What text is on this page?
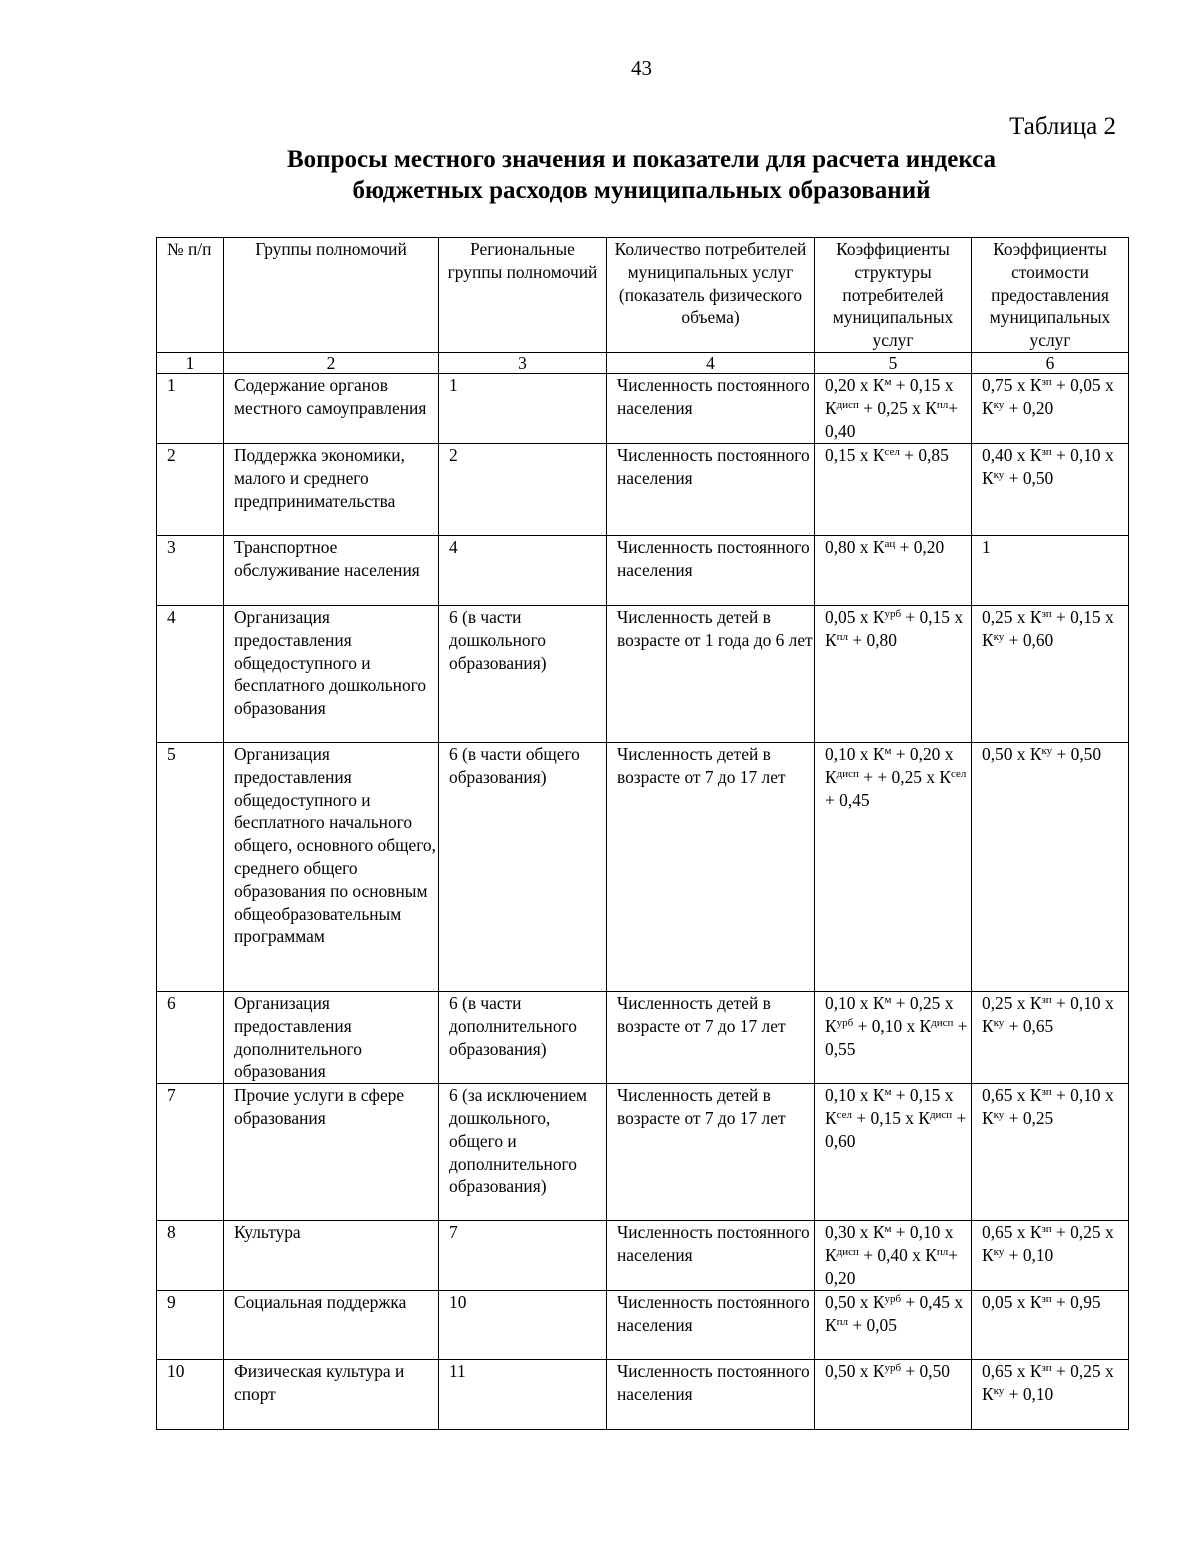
43
Таблица 2
Вопросы местного значения и показатели для расчета индекса
бюджетных расходов муниципальных образований
№ п/п	Группы полномочий	Региональные группы полномочий	Количество потребителей муниципальных услуг (показатель физического объема)	Коэффициенты структуры потребителей муниципальных услуг	Коэффициенты стоимости предоставления муниципальных услуг
1	2	3	4	5	6
1	Содержание органов местного самоуправления	1	Численность постоянного населения	0,20 х $К^м + 0,15$ х $К^{дисп} + 0,25$ х $К^{пл}+ 0,40$	0,75 х $К^{зп} + 0,05$ х $К^{ку} + 0,20$
2	Поддержка экономики, малого и среднего предпринимательства	2	Численность постоянного населения	0,15 х $К^{сел} + 0,85$	0,40 х $К^{зп} + 0,10$ х $К^{ку} + 0,50$
3	Транспортное обслуживание населения	4	Численность постоянного населения	0,80 х $К^{ац} + 0,20$	1
4	Организация предоставления общедоступного и бесплатного дошкольного образования	6 (в части дошкольного образования)	Численность детей в возрасте от 1 года до 6 лет	0,05 х $К^{урб} + 0,15$ х $К^{пл} + 0,80$	0,25 х $К^{зп} + 0,15$ х $К^{ку} + 0,60$
5	Организация предоставления общедоступного и бесплатного начального общего, основного общего, среднего общего образования по основным общеобразовательным программам	6 (в части общего образования)	Численность детей в возрасте от 7 до 17 лет	0,10 х $К^м + 0,20$ х $К^{дисп}$ + + 0,25 х $К^{сел} + 0,45$	0,50 х $К^{ку} + 0,50$
6	Организация предоставления дополнительного образования	6 (в части дополнительного образования)	Численность детей в возрасте от 7 до 17 лет	0,10 х $К^м + 0,25$ х $К^{урб} + 0,10$ х $К^{дисп} + 0,55$	0,25 х $К^{зп} + 0,10$ х $К^{ку} + 0,65$
7	Прочие услуги в сфере образования	6 (за исключением дошкольного, общего и дополнительного образования)	Численность детей в возрасте от 7 до 17 лет	0,10 х $К^м + 0,15$ х $К^{сел} + 0,15$ х $К^{дисп} + 0,60$	0,65 х $К^{зп} + 0,10$ х $К^{ку} + 0,25$
8	Культура	7	Численность постоянного населения	0,30 х $К^м + 0,10$ х $К^{дисп} + 0,40$ х $К^{пл}+ 0,20$	0,65 х $К^{зп} + 0,25$ х $К^{ку} + 0,10$
9	Социальная поддержка	10	Численность постоянного населения	0,50 х $К^{урб} + 0,45$ х $К^{пл} + 0,05$	0,05 х $К^{зп} + 0,95$
10	Физическая культура и спорт	11	Численность постоянного населения	0,50 х $К^{урб} + 0,50$	0,65 х $К^{зп} + 0,25$ х $К^{ку} + 0,10$
